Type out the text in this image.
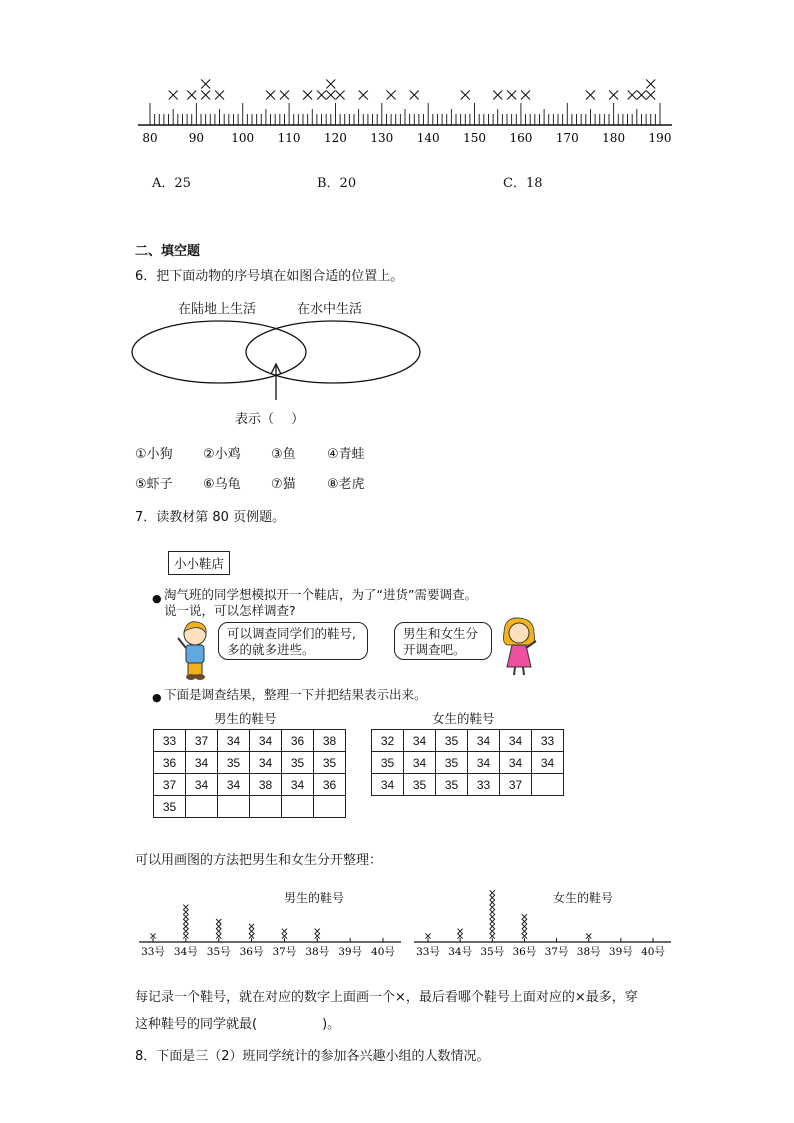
80	90 100 110 120 130 140 150 160 170 180 190
A．25	B．20	C．18
二、填空题
6．把下面动物的序号填在如图合适的位置上。
在陆地上生活	在水中生活
表示（　 ）
①小狗 ②小鸡 ③鱼 ④青蛙
⑤虾子 ⑥乌龟 ⑦猫 ⑧老虎
7．读教材第 80 页例题。
小小鞋店
● 淘气班的同学想模拟开一个鞋店，为了“进货”需要调查。
说一说，可以怎样调查?
可以调查同学们的鞋号,
多的就多进些。
男生和女生分
开调查吧。
● 下面是调查结果，整理一下并把结果表示出来。
男生的鞋号	女生的鞋号
33	37	34	34	36	38
36	34	35	34	35	35
37	34	34	38	34	36
35					
32	34	35	34	34	33
35	34	35	34	34	34
34	35	35	33	37	
可以用画图的方法把男生和女生分开整理：
33号 34号 35号 36号 37号 38号 39号 40号 33号 34号 35号 36号 37号 38号 39号 40号
男生的鞋号	女生的鞋号
每记录一个鞋号，就在对应的数字上面画一个×，最后看哪个鞋号上面对应的×最多，穿
这种鞋号的同学就最(　　　　　)。
8．下面是三（2）班同学统计的参加各兴趣小组的人数情况。
